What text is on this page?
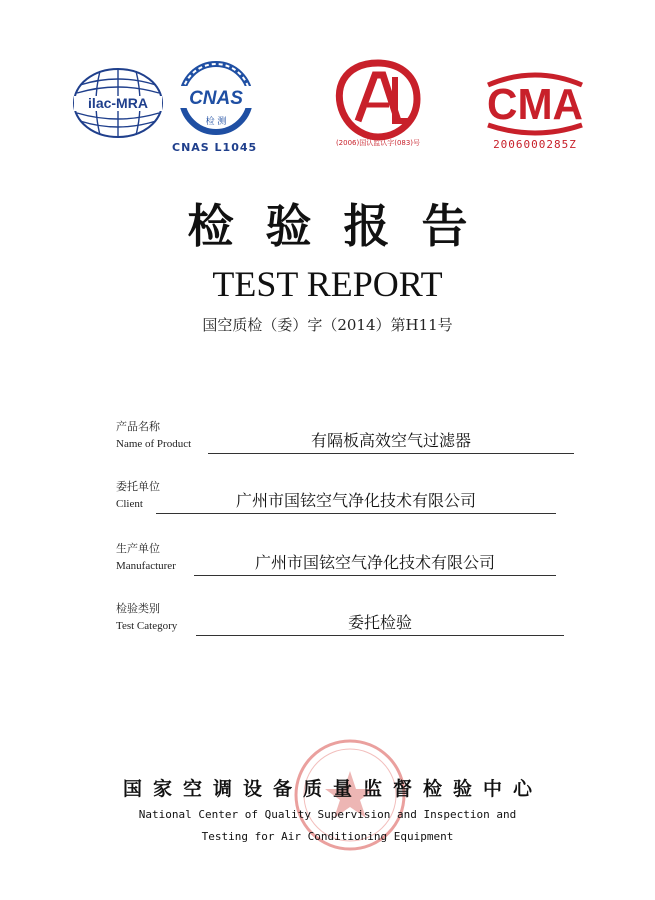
ilac-MRA CNAS
检 测
CNAS L1045	(2006)国认监认字(083)号
CMA
2006000285Z
检验报告
TEST REPORT
国空质检（委）字（2014）第H11号
产品名称
Name of Product	有隔板高效空气过滤器
委托单位
Client	广州市国铉空气净化技术有限公司
生产单位
Manufacturer	广州市国铉空气净化技术有限公司
检验类别
Test Category	委托检验
国家空调设备质量监督检验中心
National Center of Quality Supervision and Inspection and
Testing for Air Conditioning Equipment
